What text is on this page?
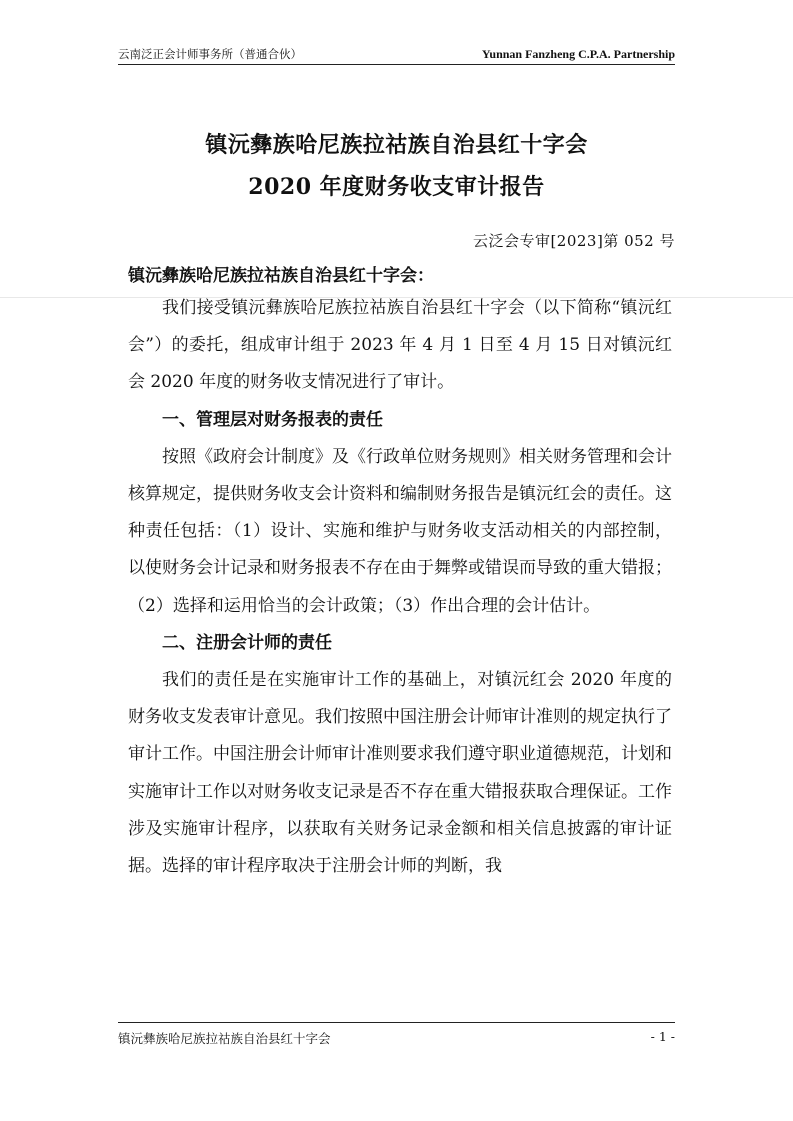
云南泛正会计师事务所（普通合伙）	Yunnan Fanzheng C.P.A. Partnership
镇沅彝族哈尼族拉祜族自治县红十字会
2020 年度财务收支审计报告
云泛会专审[2023]第 052 号
镇沅彝族哈尼族拉祜族自治县红十字会：

我们接受镇沅彝族哈尼族拉祜族自治县红十字会（以下简称“镇沅红会”）的委托，组成审计组于 2023 年 4 月 1 日至 4 月 15 日对镇沅红会 2020 年度的财务收支情况进行了审计。

一、管理层对财务报表的责任

按照《政府会计制度》及《行政单位财务规则》相关财务管理和会计核算规定，提供财务收支会计资料和编制财务报告是镇沅红会的责任。这种责任包括：（1）设计、实施和维护与财务收支活动相关的内部控制，以使财务会计记录和财务报表不存在由于舞弊或错误而导致的重大错报；（2）选择和运用恰当的会计政策；（3）作出合理的会计估计。

二、注册会计师的责任

我们的责任是在实施审计工作的基础上，对镇沅红会 2020 年度的财务收支发表审计意见。我们按照中国注册会计师审计准则的规定执行了审计工作。中国注册会计师审计准则要求我们遵守职业道德规范，计划和实施审计工作以对财务收支记录是否不存在重大错报获取合理保证。工作涉及实施审计程序，以获取有关财务记录金额和相关信息披露的审计证据。选择的审计程序取决于注册会计师的判断，我

镇沅彝族哈尼族拉祜族自治县红十字会	- 1 -
